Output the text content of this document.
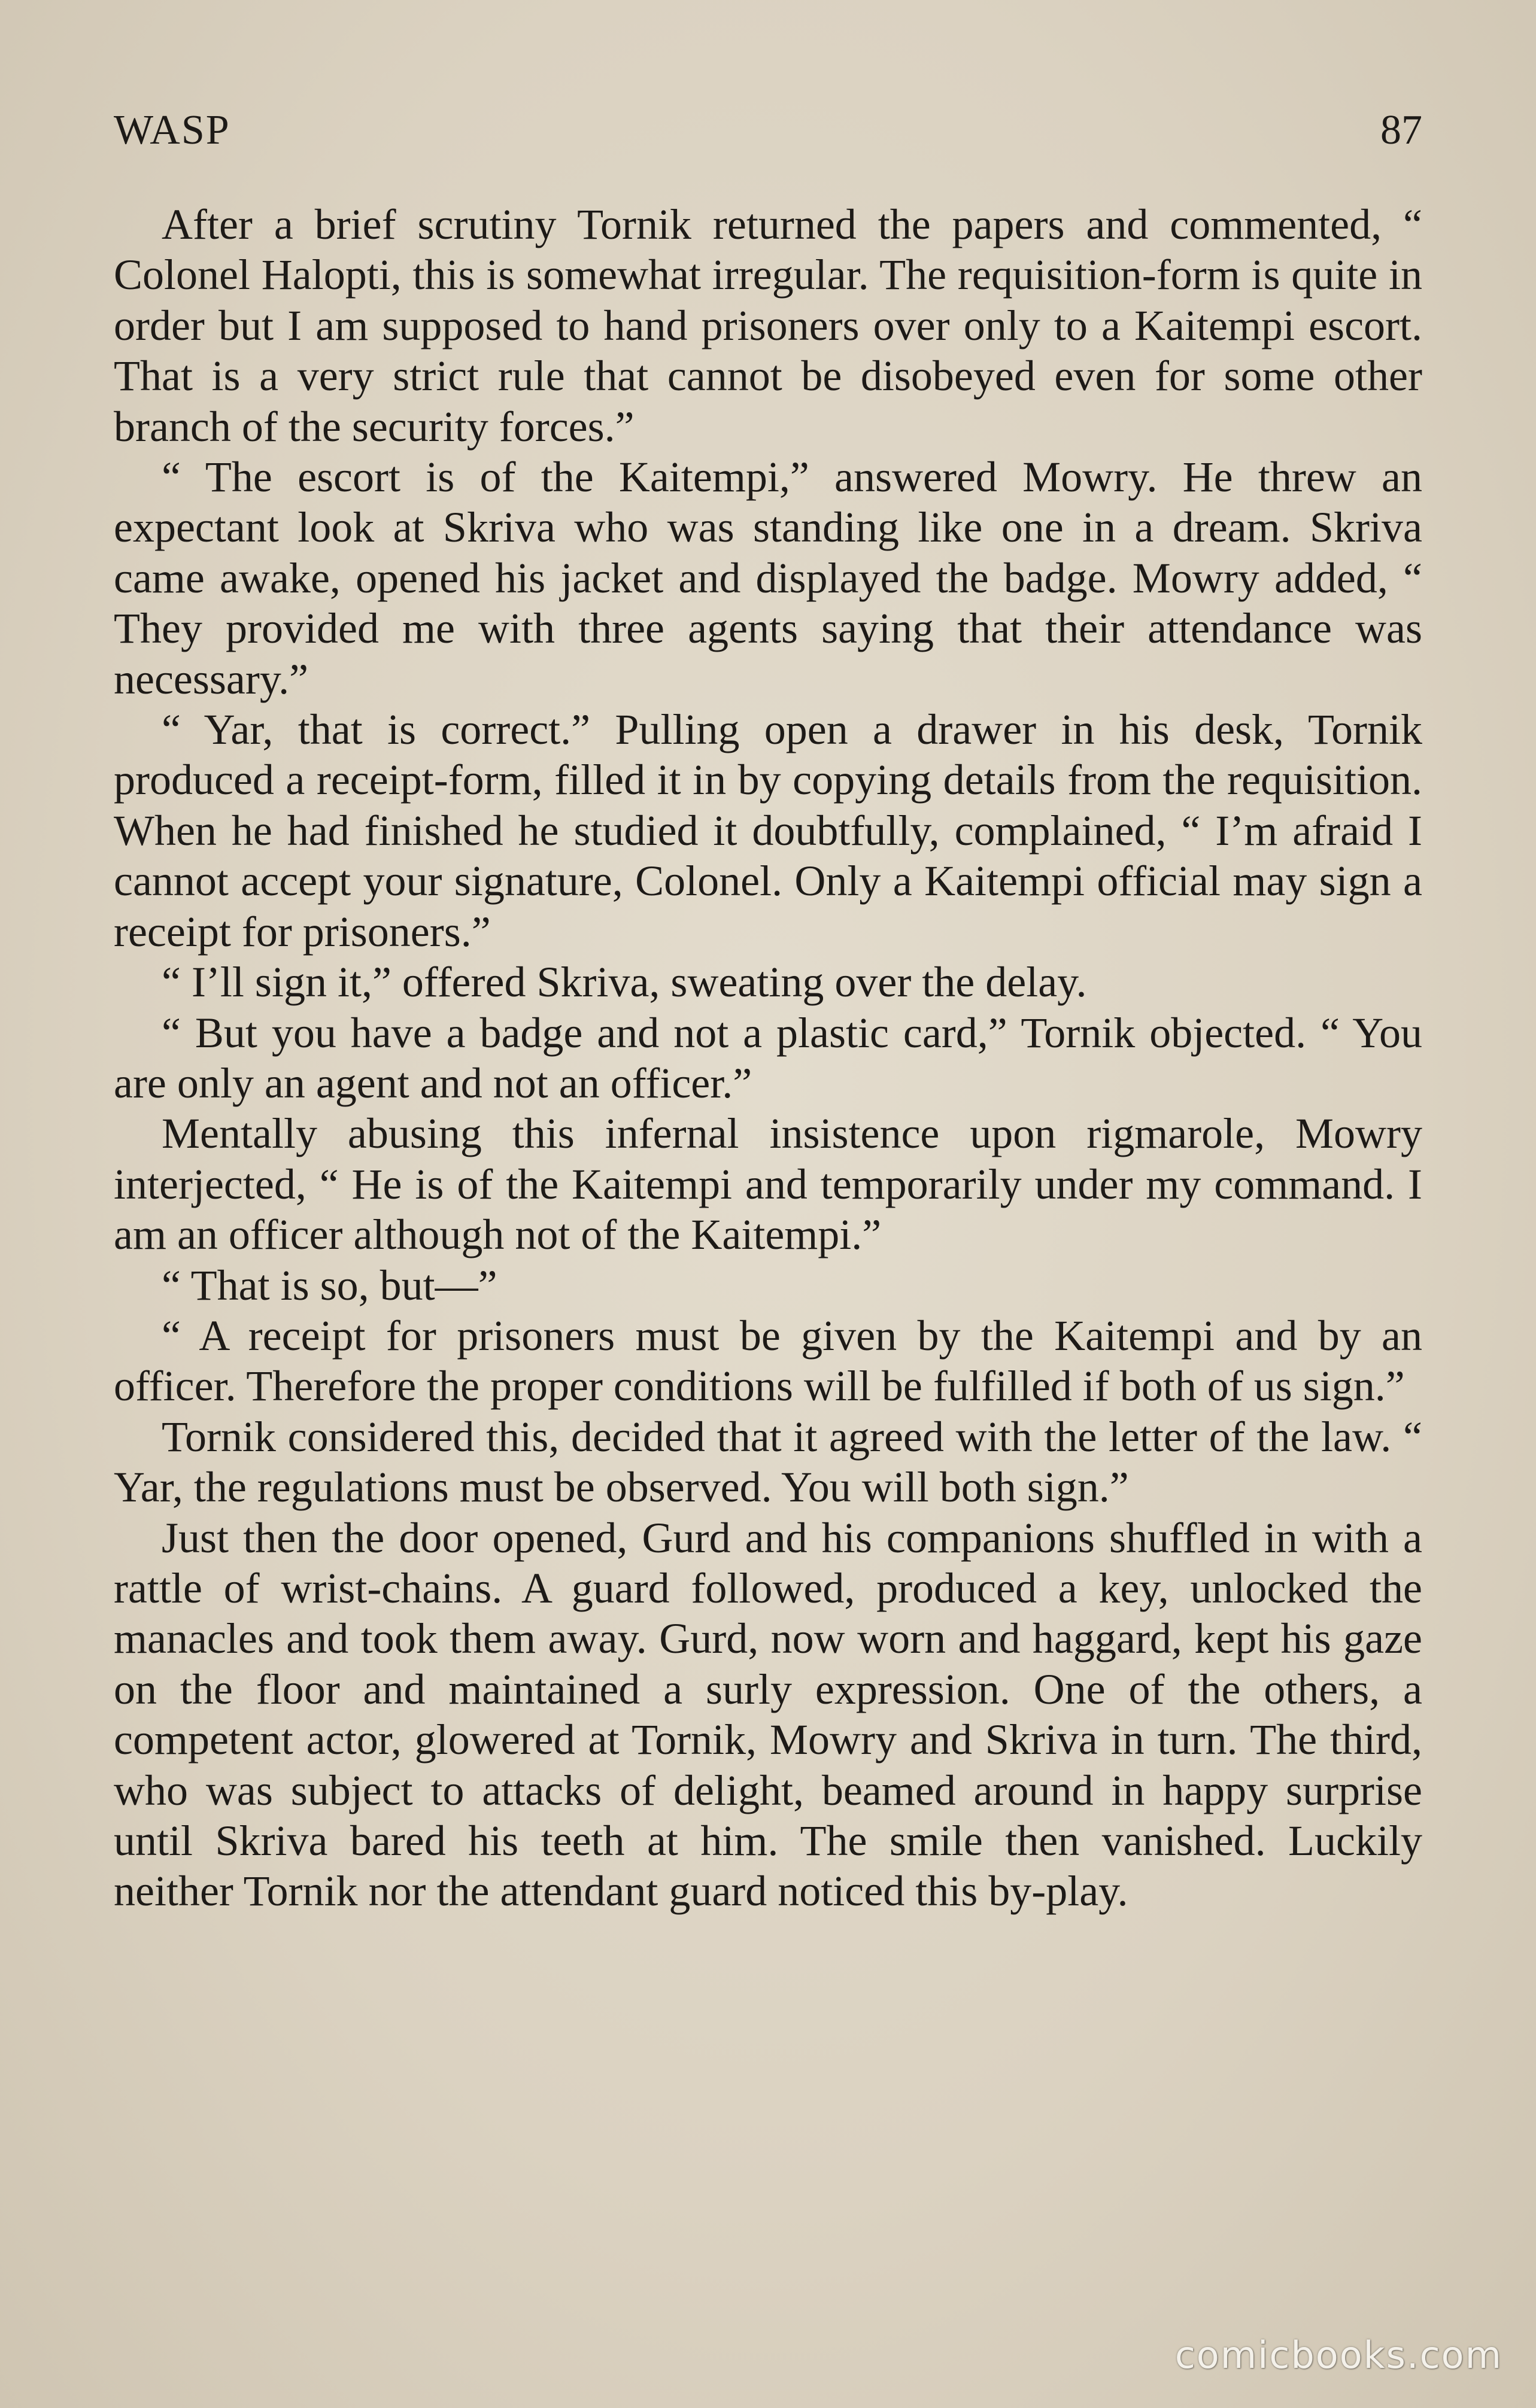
WASP	87

After a brief scrutiny Tornik returned the papers and commented, “ Colonel Halopti, this is somewhat irregular. The requisition-form is quite in order but I am supposed to hand prisoners over only to a Kaitempi escort. That is a very strict rule that cannot be disobeyed even for some other branch of the security forces.”

“ The escort is of the Kaitempi,” answered Mowry. He threw an expectant look at Skriva who was standing like one in a dream. Skriva came awake, opened his jacket and displayed the badge. Mowry added, “ They provided me with three agents saying that their attendance was necessary.”

“ Yar, that is correct.” Pulling open a drawer in his desk, Tornik produced a receipt-form, filled it in by copying details from the requisition. When he had finished he studied it doubtfully, complained, “ I’m afraid I cannot accept your signature, Colonel. Only a Kaitempi official may sign a receipt for prisoners.”

“ I’ll sign it,” offered Skriva, sweating over the delay.

“ But you have a badge and not a plastic card,” Tornik objected. “ You are only an agent and not an officer.”

Mentally abusing this infernal insistence upon rigmarole, Mowry interjected, “ He is of the Kaitempi and temporarily under my command. I am an officer although not of the Kaitempi.”

“ That is so, but—”

“ A receipt for prisoners must be given by the Kaitempi and by an officer. Therefore the proper conditions will be fulfilled if both of us sign.”

Tornik considered this, decided that it agreed with the letter of the law. “ Yar, the regulations must be observed. You will both sign.”

Just then the door opened, Gurd and his companions shuffled in with a rattle of wrist-chains. A guard followed, produced a key, unlocked the manacles and took them away. Gurd, now worn and haggard, kept his gaze on the floor and maintained a surly expression. One of the others, a competent actor, glowered at Tornik, Mowry and Skriva in turn. The third, who was subject to attacks of delight, beamed around in happy surprise until Skriva bared his teeth at him. The smile then vanished. Luckily neither Tornik nor the attendant guard noticed this by-play.

comicbooks.com
